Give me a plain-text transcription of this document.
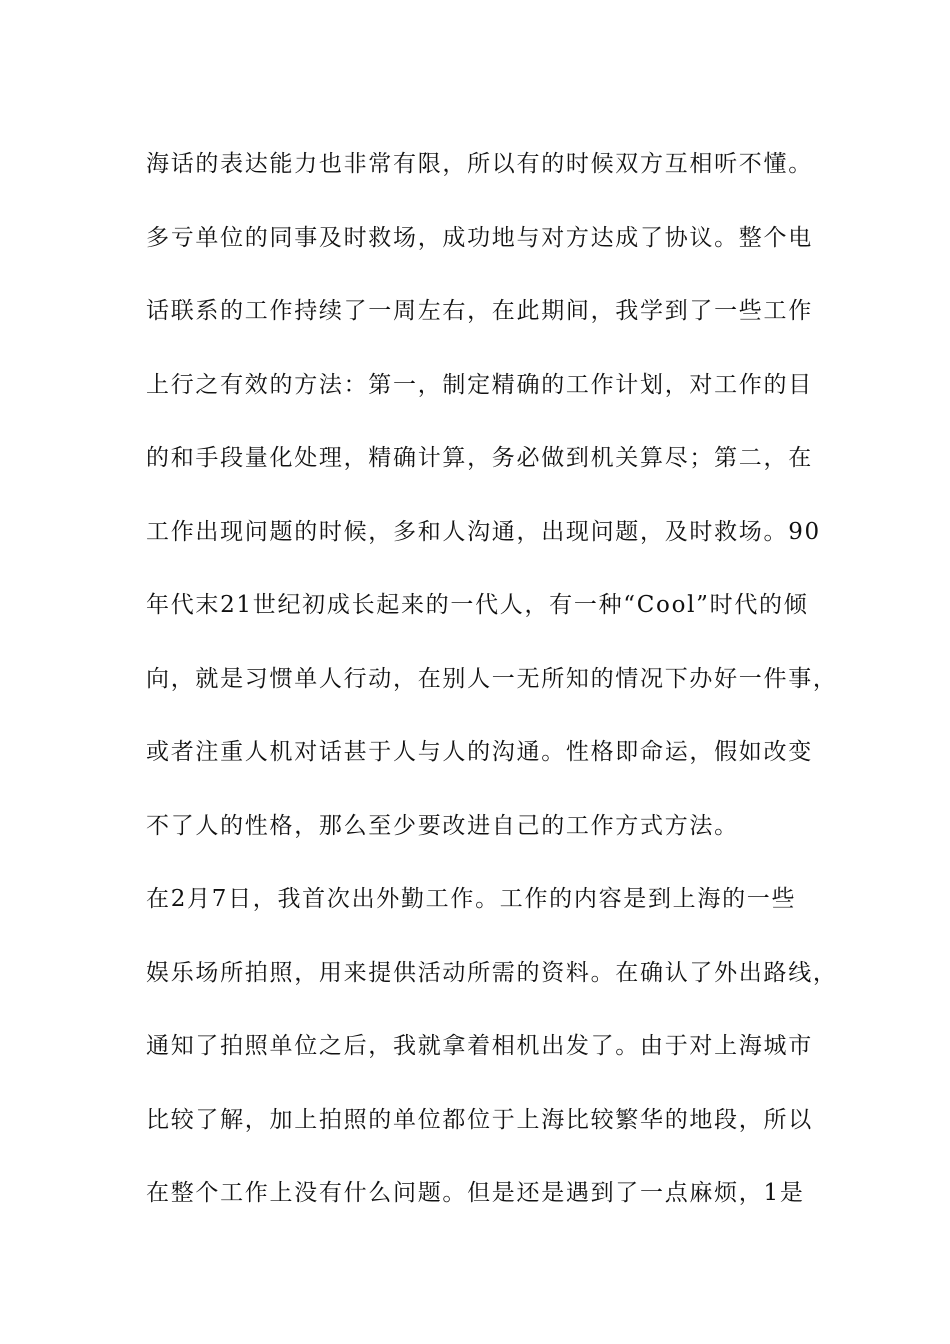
海话的表达能力也非常有限，所以有的时候双方互相听不懂。
多亏单位的同事及时救场，成功地与对方达成了协议。整个电
话联系的工作持续了一周左右，在此期间，我学到了一些工作
上行之有效的方法：第一，制定精确的工作计划，对工作的目
的和手段量化处理，精确计算，务必做到机关算尽；第二，在
工作出现问题的时候，多和人沟通，出现问题，及时救场。90
年代末21世纪初成长起来的一代人，有一种“Cool”时代的倾
向，就是习惯单人行动，在别人一无所知的情况下办好一件事，
或者注重人机对话甚于人与人的沟通。性格即命运，假如改变
不了人的性格，那么至少要改进自己的工作方式方法。
在2月7日，我首次出外勤工作。工作的内容是到上海的一些
娱乐场所拍照，用来提供活动所需的资料。在确认了外出路线，
通知了拍照单位之后，我就拿着相机出发了。由于对上海城市
比较了解，加上拍照的单位都位于上海比较繁华的地段，所以
在整个工作上没有什么问题。但是还是遇到了一点麻烦，1是
